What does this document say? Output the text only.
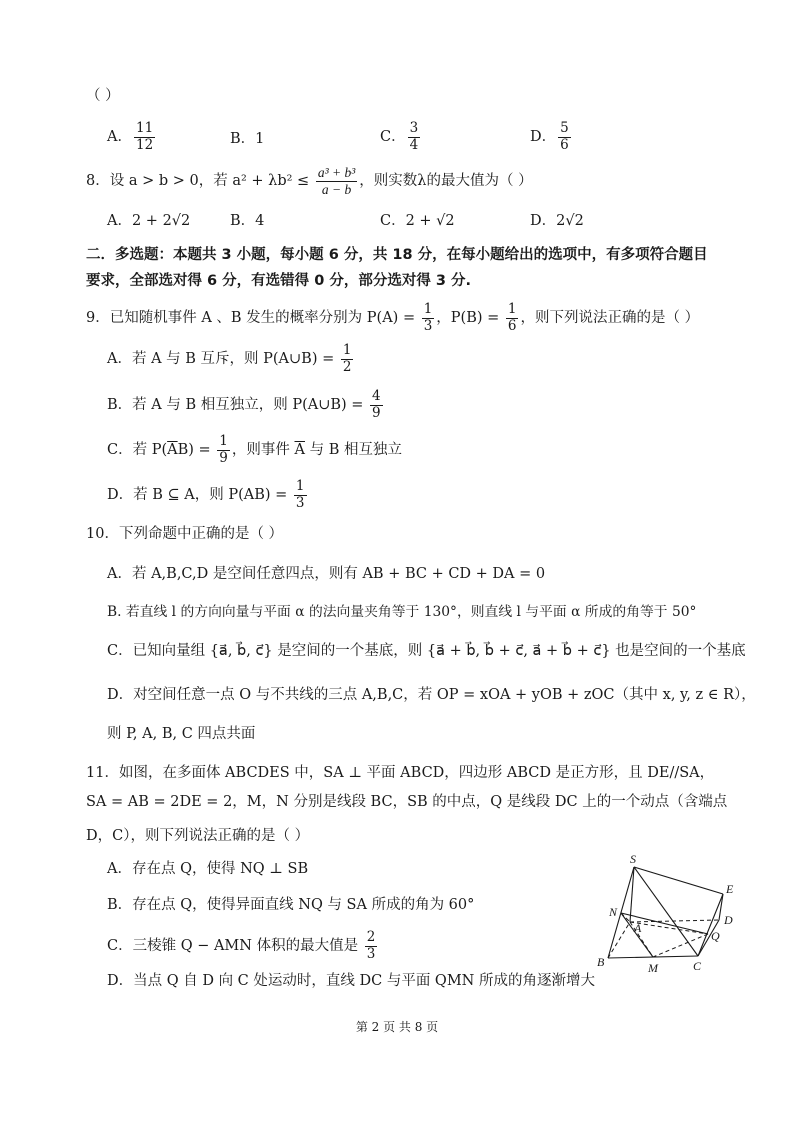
（ ）
A． $\frac{11}{12}$	B．1	C． $\frac{3}{4}$	D． $\frac{5}{6}$
8．设 a > b > 0，若 $a^2 + \lambda b^2 \le \frac{\text{a³ + b³}}{a - b}$ ，则实数λ的最大值为（ ）
A．2 + 2√2	B．4	C．2 + √2	D．2√2
二．多选题：本题共 3 小题，每小题 6 分，共 18 分，在每小题给出的选项中，有多项符合题目
要求，全部选对得 6 分，有选错得 0 分，部分选对得 3 分.
9．已知随机事件 A 、B 发生的概率分别为 $P(A) = \frac{1}{3}$ ，$P(B) = \frac{1}{6}$ ，则下列说法正确的是（ ）
A．若 A 与 B 互斥，则 P(A∪B) = $\frac{1}{2}$
B．若 A 与 B 相互独立，则 P(A∪B) = $\frac{4}{9}$
C．若 $P(\overline{A}B) = \frac{1}{9}$ ，则事件 $\overline{A}$ 与 B 相互独立
D．若 B ⊆ A，则 $P(AB) = \frac{1}{3}$
10．下列命题中正确的是（ ）
A．若 A,B,C,D 是空间任意四点，则有 AB + BC + CD + DA = 0
B. 若直线 l 的方向向量与平面 α 的法向量夹角等于 130°，则直线 l 与平面 α 所成的角等于 50°
C．已知向量组 {a⃗, b⃗, c⃗} 是空间的一个基底，则 {a⃗ + b⃗, b⃗ + c⃗, a⃗ + b⃗ + c⃗} 也是空间的一个基底
D．对空间任意一点 O 与不共线的三点 A,B,C，若 OP = xOA + yOB + zOC（其中 x, y, z ∈ R），
则 P, A, B, C 四点共面
11．如图，在多面体 ABCDES 中，SA ⊥ 平面 ABCD，四边形 ABCD 是正方形，且 DE//SA，
SA = AB = 2DE = 2，M，N 分别是线段 BC，SB 的中点，Q 是线段 DC 上的一个动点（含端点
D，C），则下列说法正确的是（ ）
A．存在点 Q，使得 NQ ⊥ SB
B．存在点 Q，使得异面直线 NQ 与 SA 所成的角为 60°
C．三棱锥 Q − AMN 体积的最大值是 $\frac{2}{3}$
D．当点 Q 自 D 向 C 处运动时，直线 DC 与平面 QMN 所成的角逐渐增大
S
E
N
A
D
Q
B	M	C
第 2 页 共 8 页
